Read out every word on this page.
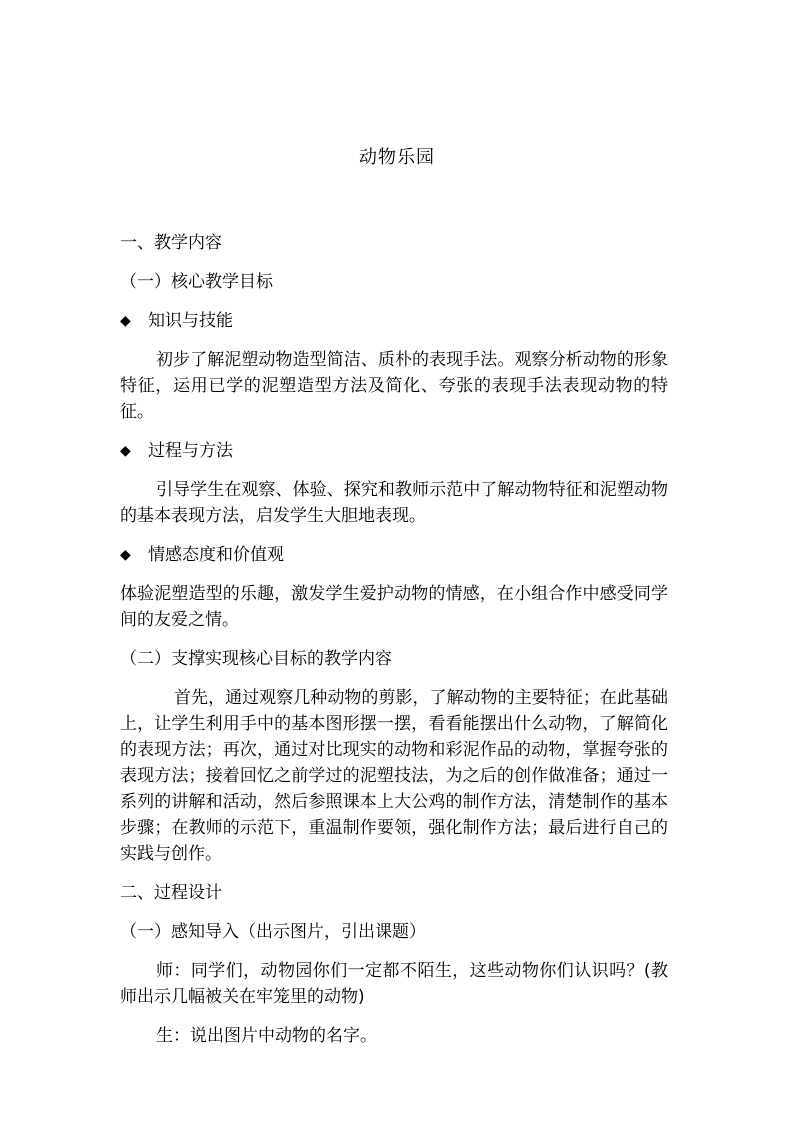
动物乐园

一、教学内容

（一）核心教学目标

◆	知识与技能

初步了解泥塑动物造型简洁、质朴的表现手法。观察分析动物的形象特征，运用已学的泥塑造型方法及简化、夸张的表现手法表现动物的特征。

◆	过程与方法

引导学生在观察、体验、探究和教师示范中了解动物特征和泥塑动物的基本表现方法，启发学生大胆地表现。

◆	情感态度和价值观

体验泥塑造型的乐趣，激发学生爱护动物的情感，在小组合作中感受同学间的友爱之情。

（二）支撑实现核心目标的教学内容

首先，通过观察几种动物的剪影，了解动物的主要特征；在此基础上，让学生利用手中的基本图形摆一摆，看看能摆出什么动物，了解简化的表现方法；再次，通过对比现实的动物和彩泥作品的动物，掌握夸张的表现方法；接着回忆之前学过的泥塑技法，为之后的创作做准备；通过一系列的讲解和活动，然后参照课本上大公鸡的制作方法，清楚制作的基本步骤；在教师的示范下，重温制作要领，强化制作方法；最后进行自己的实践与创作。

二、过程设计

（一）感知导入（出示图片，引出课题）

师：同学们，动物园你们一定都不陌生，这些动物你们认识吗？(教师出示几幅被关在牢笼里的动物)

生：说出图片中动物的名字。
